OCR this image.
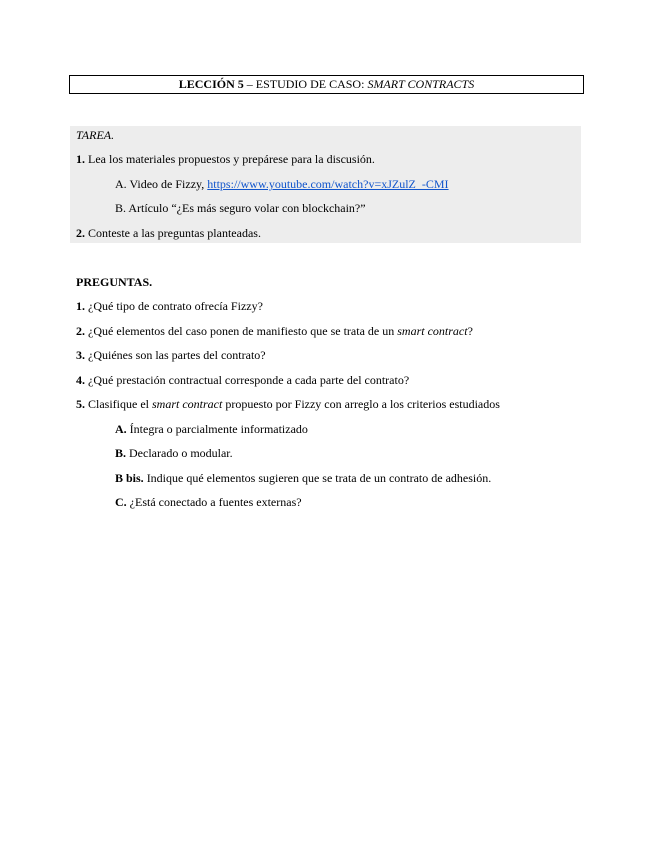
LECCIÓN 5 – ESTUDIO DE CASO: SMART CONTRACTS
TAREA.
1. Lea los materiales propuestos y prepárese para la discusión.
A. Video de Fizzy, https://www.youtube.com/watch?v=xJZulZ_-CMI
B. Artículo “¿Es más seguro volar con blockchain?”
2. Conteste a las preguntas planteadas.
PREGUNTAS.
1. ¿Qué tipo de contrato ofrecía Fizzy?
2. ¿Qué elementos del caso ponen de manifiesto que se trata de un smart contract?
3. ¿Quiénes son las partes del contrato?
4. ¿Qué prestación contractual corresponde a cada parte del contrato?
5. Clasifique el smart contract propuesto por Fizzy con arreglo a los criterios estudiados
A. Íntegra o parcialmente informatizado
B. Declarado o modular.
B bis. Indique qué elementos sugieren que se trata de un contrato de adhesión.
C. ¿Está conectado a fuentes externas?
